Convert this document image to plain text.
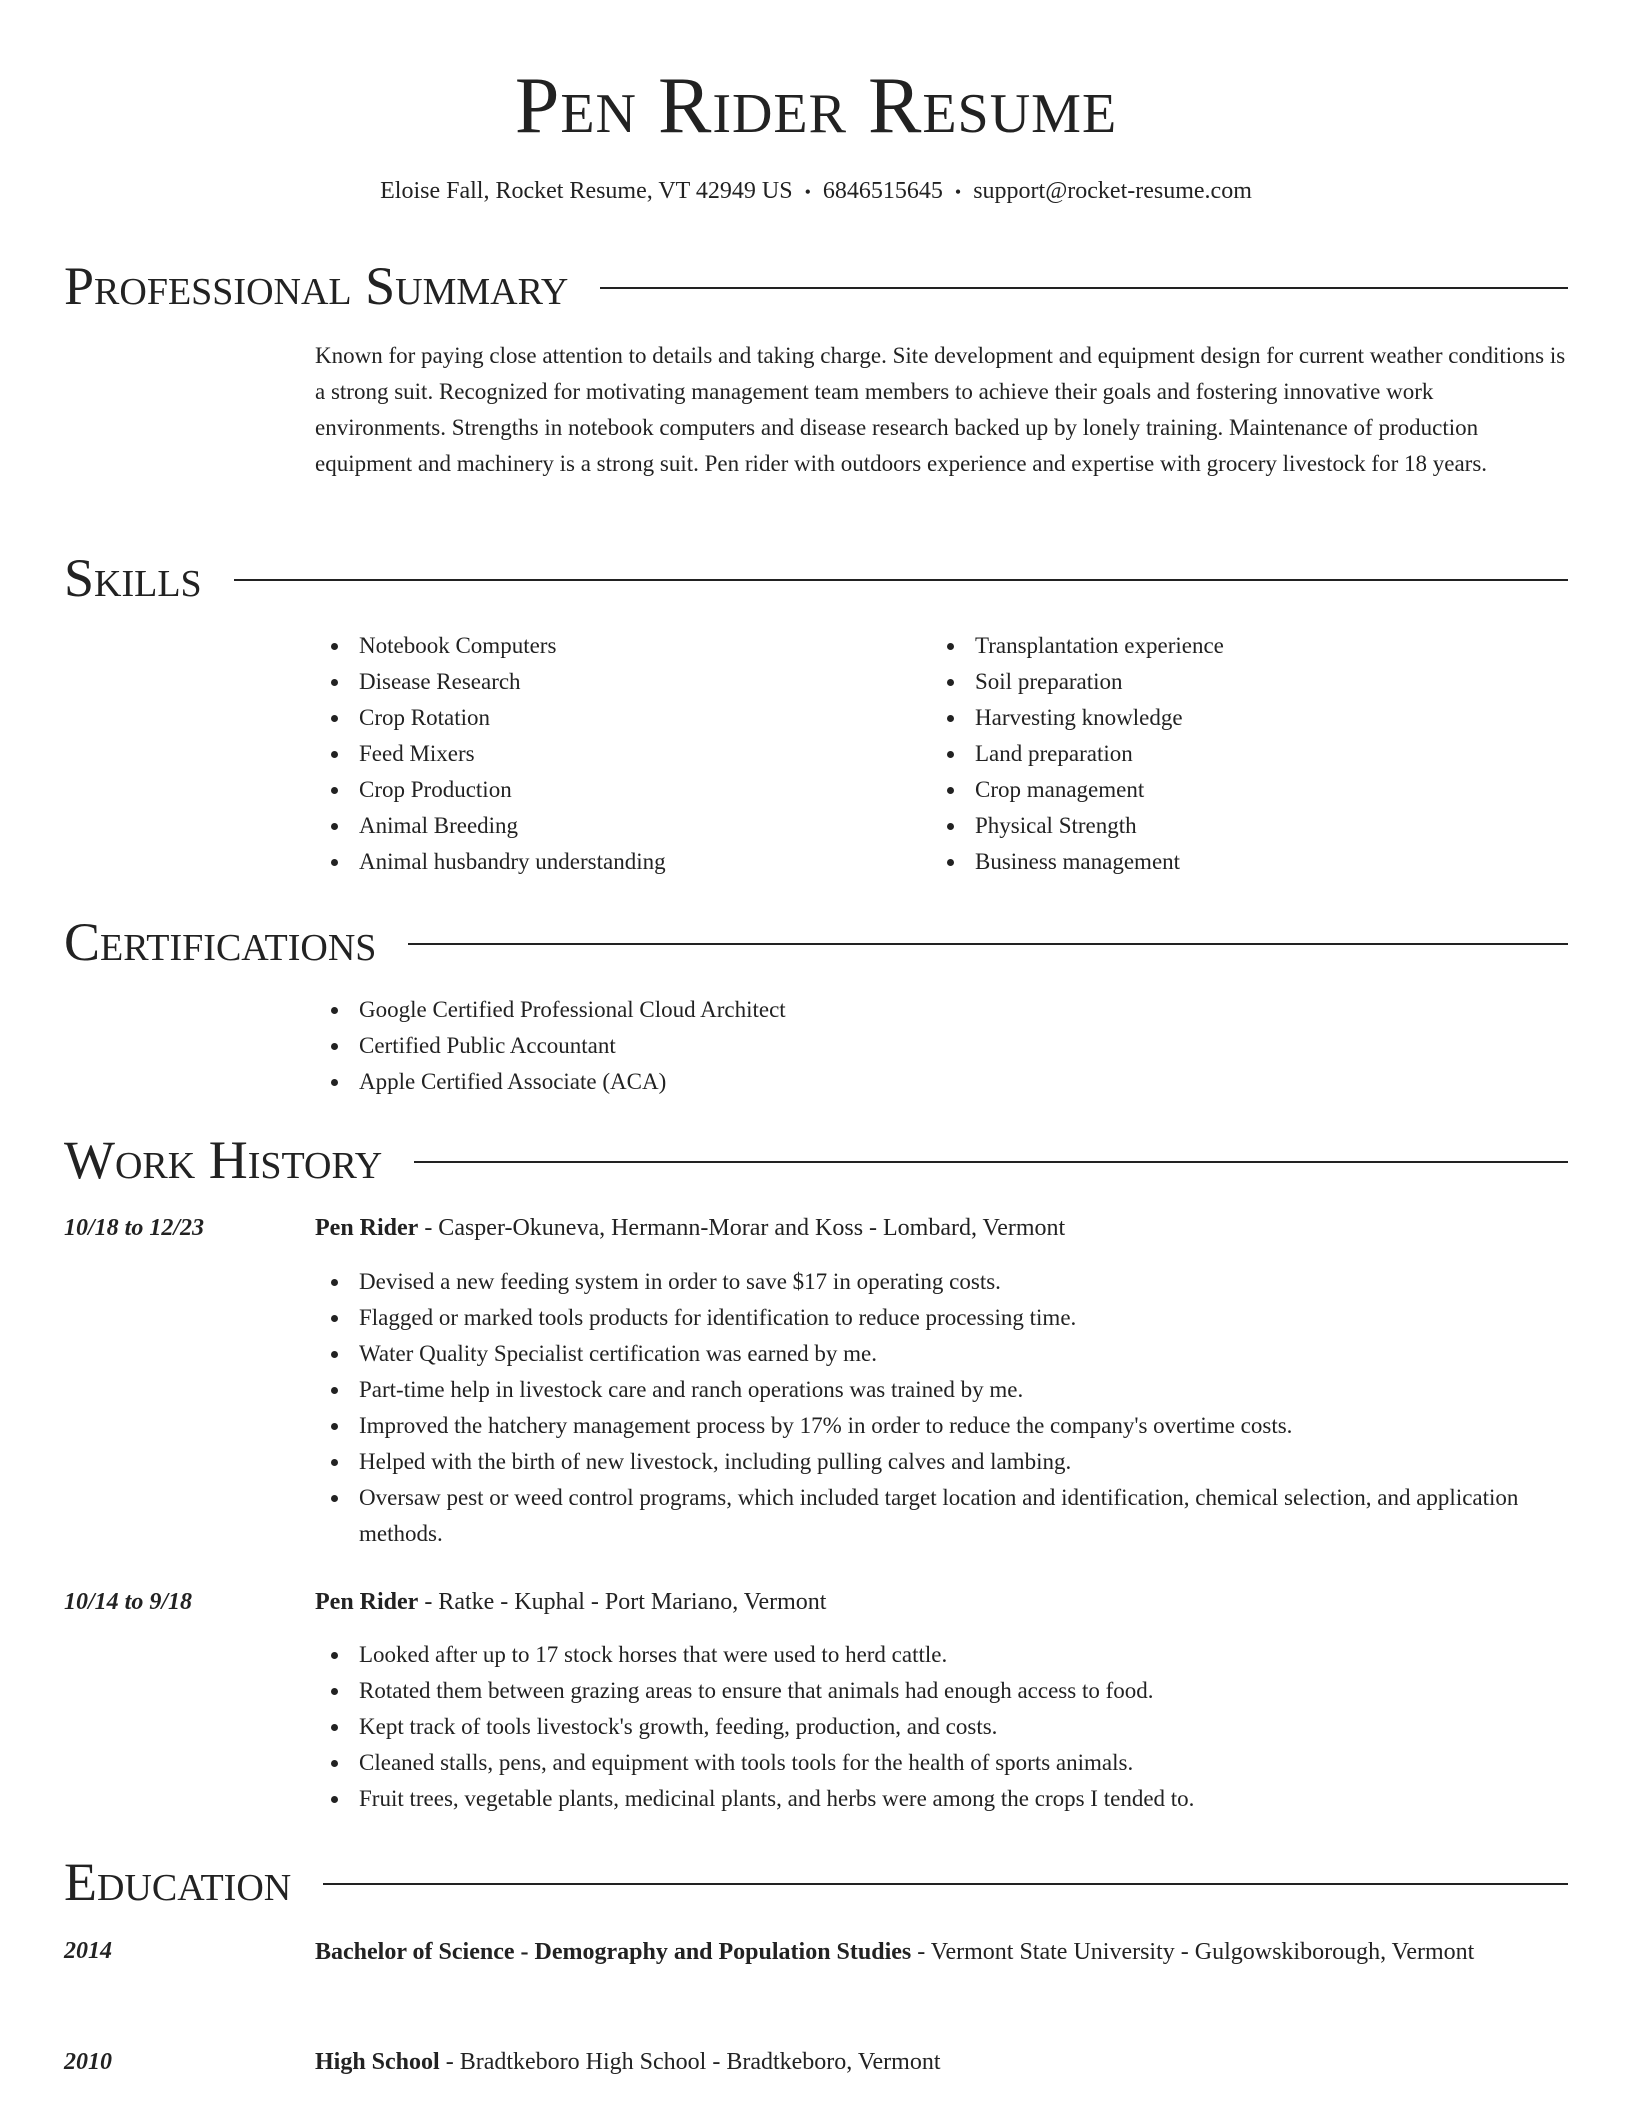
Pen Rider Resume
Eloise Fall, Rocket Resume, VT 42949 US • 6846515645 • support@rocket-resume.com
Professional Summary
Known for paying close attention to details and taking charge. Site development and equipment design for current weather conditions is a strong suit. Recognized for motivating management team members to achieve their goals and fostering innovative work environments. Strengths in notebook computers and disease research backed up by lonely training. Maintenance of production equipment and machinery is a strong suit. Pen rider with outdoors experience and expertise with grocery livestock for 18 years.
Skills
Notebook Computers
Disease Research
Crop Rotation
Feed Mixers
Crop Production
Animal Breeding
Animal husbandry understanding
Transplantation experience
Soil preparation
Harvesting knowledge
Land preparation
Crop management
Physical Strength
Business management
Certifications
Google Certified Professional Cloud Architect
Certified Public Accountant
Apple Certified Associate (ACA)
Work History
10/18 to 12/23	Pen Rider - Casper-Okuneva, Hermann-Morar and Koss - Lombard, Vermont
Devised a new feeding system in order to save $17 in operating costs.
Flagged or marked tools products for identification to reduce processing time.
Water Quality Specialist certification was earned by me.
Part-time help in livestock care and ranch operations was trained by me.
Improved the hatchery management process by 17% in order to reduce the company's overtime costs.
Helped with the birth of new livestock, including pulling calves and lambing.
Oversaw pest or weed control programs, which included target location and identification, chemical selection, and application methods.
10/14 to 9/18	Pen Rider - Ratke - Kuphal - Port Mariano, Vermont
Looked after up to 17 stock horses that were used to herd cattle.
Rotated them between grazing areas to ensure that animals had enough access to food.
Kept track of tools livestock's growth, feeding, production, and costs.
Cleaned stalls, pens, and equipment with tools tools for the health of sports animals.
Fruit trees, vegetable plants, medicinal plants, and herbs were among the crops I tended to.
Education
2014	Bachelor of Science - Demography and Population Studies - Vermont State University - Gulgowskiborough, Vermont
2010	High School - Bradtkeboro High School - Bradtkeboro, Vermont
